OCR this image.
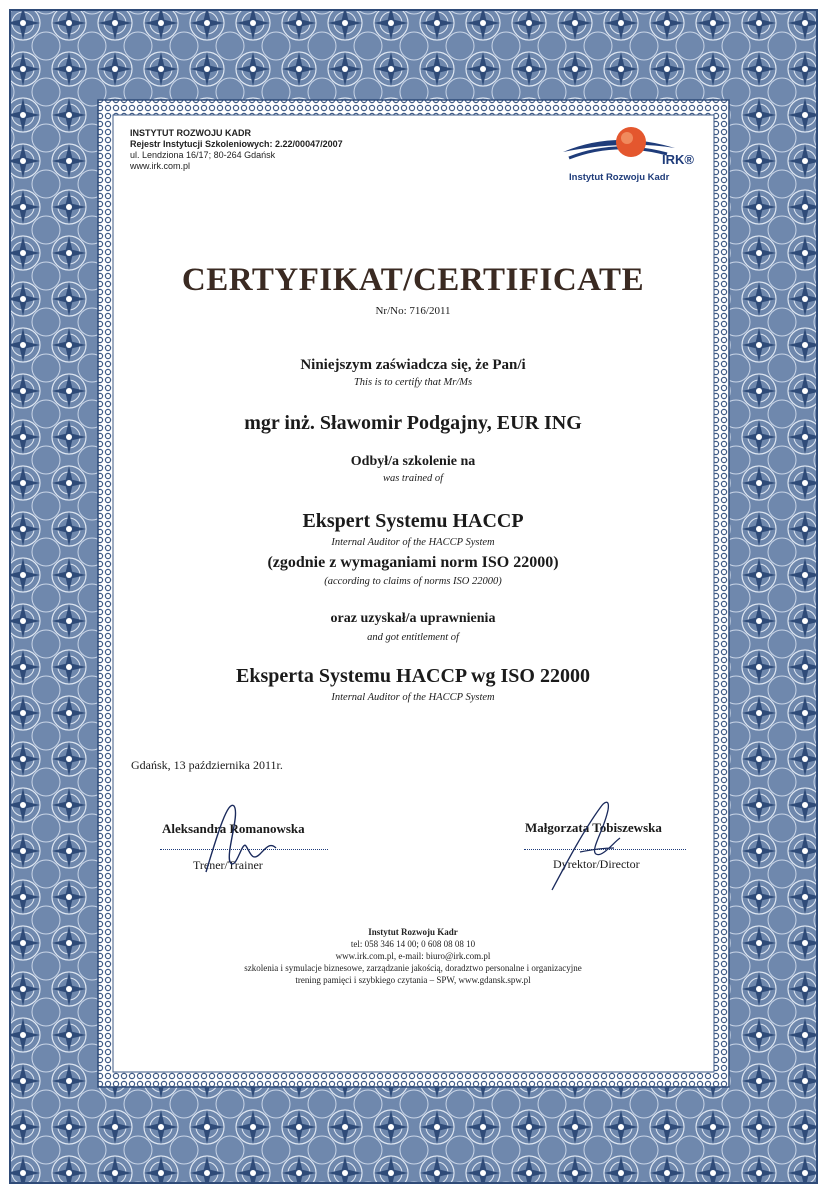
INSTYTUT ROZWOJU KADR
Rejestr Instytucji Szkoleniowych: 2.22/00047/2007
ul. Lendziona 16/17; 80-264 Gdańsk
www.irk.com.pl	IRK®
Instytut Rozwoju Kadr
CERTYFIKAT/CERTIFICATE
Nr/No: 716/2011
Niniejszym zaświadcza się, że Pan/i
This is to certify that Mr/Ms
mgr inż. Sławomir Podgajny, EUR ING
Odbył/a szkolenie na
was trained of
Ekspert Systemu HACCP
Internal Auditor of the HACCP System
(zgodnie z wymaganiami norm ISO 22000)
(according to claims of norms ISO 22000)
oraz uzyskał/a uprawnienia
and got entitlement of
Eksperta Systemu HACCP wg ISO 22000
Internal Auditor of the HACCP System
Gdańsk, 13 października 2011r.
Aleksandra Romanowska
Trener/Trainer
Małgorzata Tobiszewska
Dyrektor/Director
Instytut Rozwoju Kadr
tel: 058 346 14 00; 0 608 08 08 10
www.irk.com.pl, e-mail: biuro@irk.com.pl
szkolenia i symulacje biznesowe, zarządzanie jakością, doradztwo personalne i organizacyjne
trening pamięci i szybkiego czytania – SPW, www.gdansk.spw.pl
